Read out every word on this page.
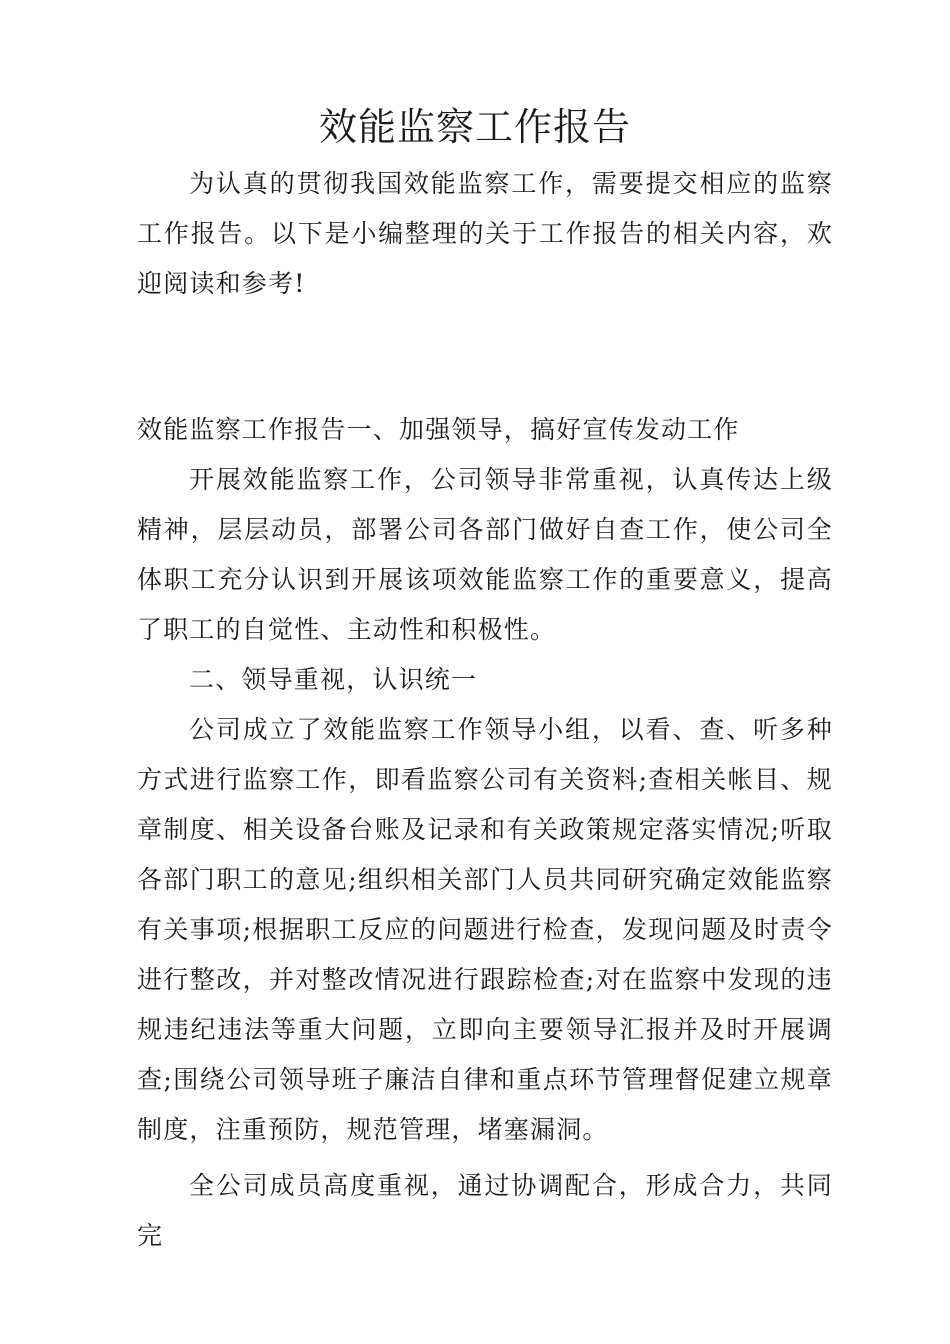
效能监察工作报告

为认真的贯彻我国效能监察工作，需要提交相应的监察工作报告。以下是小编整理的关于工作报告的相关内容，欢迎阅读和参考!

效能监察工作报告一、加强领导，搞好宣传发动工作

开展效能监察工作，公司领导非常重视，认真传达上级精神，层层动员，部署公司各部门做好自查工作，使公司全体职工充分认识到开展该项效能监察工作的重要意义，提高了职工的自觉性、主动性和积极性。

二、领导重视，认识统一

公司成立了效能监察工作领导小组，以看、查、听多种方式进行监察工作，即看监察公司有关资料;查相关帐目、规章制度、相关设备台账及记录和有关政策规定落实情况;听取各部门职工的意见;组织相关部门人员共同研究确定效能监察有关事项;根据职工反应的问题进行检查，发现问题及时责令进行整改，并对整改情况进行跟踪检查;对在监察中发现的违规违纪违法等重大问题，立即向主要领导汇报并及时开展调查;围绕公司领导班子廉洁自律和重点环节管理督促建立规章制度，注重预防，规范管理，堵塞漏洞。

全公司成员高度重视，通过协调配合，形成合力，共同完
